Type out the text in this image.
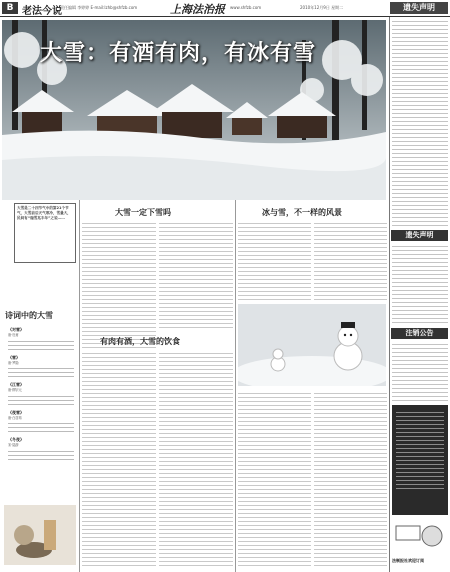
B 老法今说
责任编辑 李婷婷 E-mail:lzhb@shfzb.com	上海法治报 www.shfzb.com	2010年12月9日 星期二	遗失声明
大雪：有酒有肉，有冰有雪
大雪是二十四节气中的第21个节气，大雪前后天气寒冷，雪量大，民间有“瑞雪兆丰年”之说……
诗词中的大雪
《对雪》
唐·杜甫
《雪》
唐·罗隐
《江雪》
唐·柳宗元
《夜雪》
唐·白居易
《冬夜》
宋·陆游
大雪一定下雪吗
有肉有酒，大雪的饮食
冰与雪，不一样的风景
遗失声明
注销公告
法制报社欢迎订阅
